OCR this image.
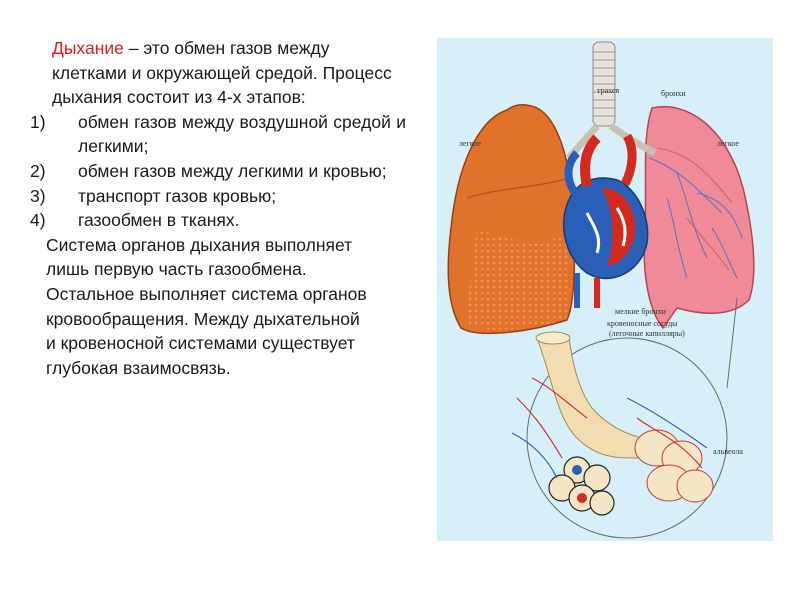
Дыхание – это обмен газов между клетками и окружающей средой. Процесс дыхания состоит из 4-х этапов:

1) обмен газов между воздушной средой и легкими;
2) обмен газов между легкими и кровью;
3) транспорт газов кровью;
4) газообмен в тканях.

Система органов дыхания выполняет лишь первую часть газообмена. Остальное выполняет система органов кровообращения. Между дыхательной и кровеносной системами существует глубокая взаимосвязь.

трахея	бронхи
легкое	легкое
мелкие бронхи
кровеносные сосуды
(легочные капилляры)
альвеола
